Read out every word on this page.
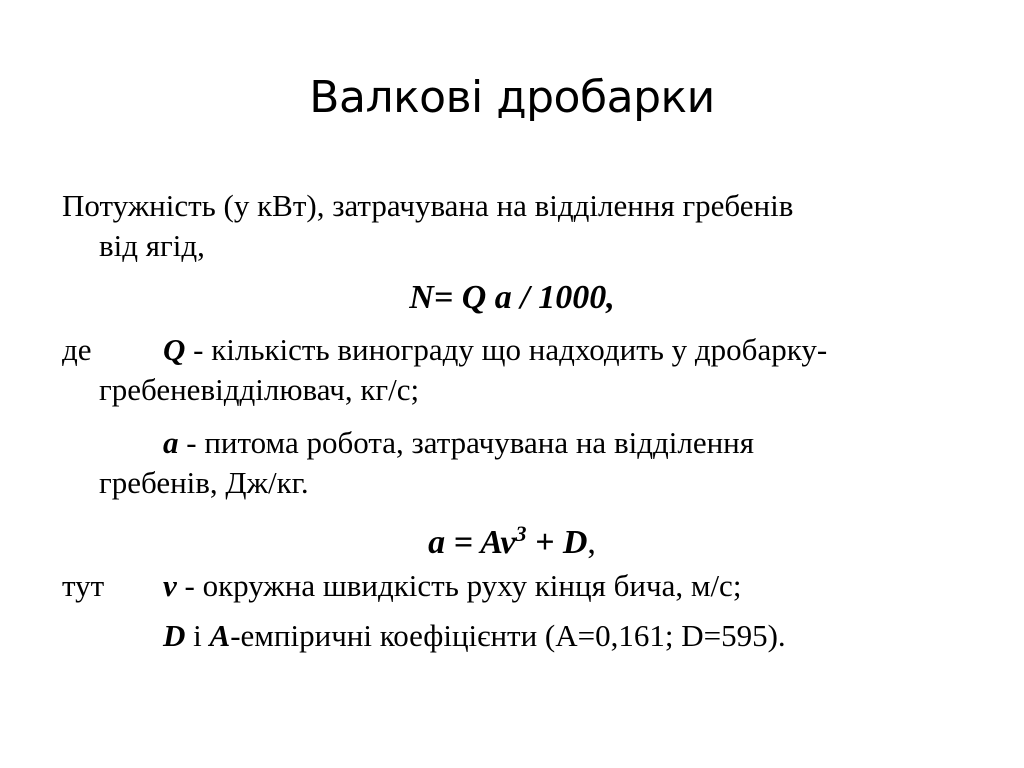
Валкові дробарки
Потужність (у кВт), затрачувана на відділення гребенів
від ягід,
N= Q a / 1000,
де Q - кількість винограду що надходить у дробарку-
гребеневідділювач, кг/с;
a - питома робота, затрачувана на відділення
гребенів, Дж/кг.
$a = Av^3 + D$,
тут v - окружна швидкість руху кінця бича, м/с;
D і A-емпіричні коефіцієнти (А=0,161; D=595).
